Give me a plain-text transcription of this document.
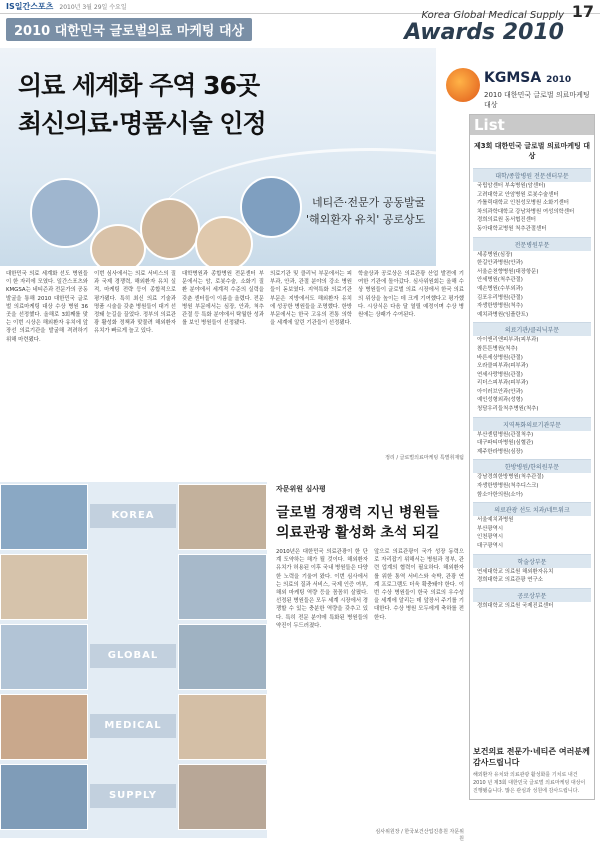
IS일간스포츠 2010년 3월 29일 수요일
2010 대한민국 글로벌의료 마케팅 대상
Korea Global Medical Supply
Awards 2010
17
의료 세계화 주역 36곳
최신의료·명품시술 인정
네티즌·전문가 공동발굴
'해외환자 유치' 공로상도
KGMSA 2010
2010 대한민국 글로벌 의료마케팅 대상
List
제3회 대한민국 글로벌 의료마케팅 대상
대학/종합병원 전문센터부문
국립암센터 부속병원(암센터)
고려대학교 안암병원 로봇수술센터
가톨릭대학교 인천성모병원 소화기센터
차의과학대학교 강남차병원 여성의학센터
경희의료원 동서협진센터
동아대학교병원 척추관절센터
전문병원부문
세종병원(심장)
한길안과병원(안과)
서울순천향병원(대장항문)
안세병원(척추관절)
예손병원(수부외과)
김포우리병원(관절)
자생한방병원(척추)
예치과병원(임플란트)
의료기관/클리닉부문
아이앤리앤피부과(피부과)
참튼튼병원(척추)
바른세상병원(관절)
오라클피부과(피부과)
연세사랑병원(관절)
리더스피부과(피부과)
아이러브안과(안과)
예인성형외과(성형)
청담우리들척추병원(척추)
지역특화의료기관부문
부산센텀병원(관절척추)
대구파티마병원(심혈관)
제주한라병원(심장)
한방병원/한의원부문
강남경희한방병원(척추관절)
자생한방병원(척추디스크)
함소아한의원(소아)
의료관광 선도 치과/네트워크
서울예치과병원
부산광역시
인천광역시
대구광역시
학술상부문
연세대학교 의료원 해외환자유치
경희대학교 의료관광 연구소
공로상부문
경희대학교 의료원 국제진료센터
보건의료 전문가·네티즌 여러분께 감사드립니다
해외환자 유치와 의료관광 활성화를 기치로 내건 2010 년 제3회 대한민국 글로벌 의료마케팅 대상이 진행됐습니다. 많은 관심과 성원에 감사드립니다.
대한민국 의료 세계화 선도 병원들이 한 자리에 모였다. 일간스포츠와 KMGSA는 네티즌과 전문가의 공동 발굴을 통해 2010 대한민국 글로벌 의료마케팅 대상 수상 병원 36곳을 선정했다. 올해로 3회째를 맞는 이번 시상은 해외환자 유치에 앞장선 의료기관을 발굴해 격려하기 위해 마련됐다.
이번 심사에서는 의료 서비스의 질과 국제 경쟁력, 해외환자 유치 실적, 마케팅 전략 등이 종합적으로 평가됐다. 특히 최신 의료 기술과 명품 시술을 갖춘 병원들이 대거 선정돼 눈길을 끌었다. 정부의 의료관광 활성화 정책과 맞물려 해외환자 유치가 빠르게 늘고 있다.
대학병원과 종합병원 전문센터 부문에서는 암, 로봇수술, 소화기 질환 분야에서 세계적 수준의 실력을 갖춘 센터들이 이름을 올렸다. 전문병원 부문에서는 심장, 안과, 척추관절 등 특화 분야에서 탁월한 성과를 보인 병원들이 선정됐다.
의료기관 및 클리닉 부문에서는 피부과, 안과, 관절 분야의 강소 병원들이 돋보였다. 지역특화 의료기관 부문은 지방에서도 해외환자 유치에 성공한 병원들을 조명했다. 한방 부문에서는 한국 고유의 전통 의학을 세계에 알린 기관들이 선정됐다.
학술상과 공로상은 의료관광 산업 발전에 기여한 기관에 돌아갔다. 심사위원회는 올해 수상 병원들이 글로벌 의료 시장에서 한국 의료의 위상을 높이는 데 크게 기여했다고 평가했다. 시상식은 다음 달 열릴 예정이며 수상 병원에는 상패가 수여된다.
정리 / 글로벌의료마케팅 특별취재팀
KOREA
GLOBAL
MEDICAL
SUPPLY
자문위원 심사평
글로벌 경쟁력 지닌 병원들
의료관광 활성화 초석 되길
2010년은 대한민국 의료관광이 한 단계 도약하는 해가 될 것이다. 해외환자 유치가 허용된 이후 국내 병원들은 다양한 노력을 기울여 왔다. 이번 심사에서는 의료의 질과 서비스, 국제 인증 여부, 해외 마케팅 역량 등을 꼼꼼히 살폈다. 선정된 병원들은 모두 세계 시장에서 경쟁할 수 있는 충분한 역량을 갖추고 있다. 특히 전문 분야에 특화된 병원들의 약진이 두드러졌다.
앞으로 의료관광이 국가 성장 동력으로 자리잡기 위해서는 병원과 정부, 관련 업계의 협력이 필요하다. 해외환자를 위한 통역 서비스와 숙박, 관광 연계 프로그램도 더욱 확충돼야 한다. 이번 수상 병원들이 한국 의료의 우수성을 세계에 알리는 데 앞장서 주기를 기대한다. 수상 병원 모두에게 축하를 전한다.
심사위원장 / 한국보건산업진흥원 자문위원
